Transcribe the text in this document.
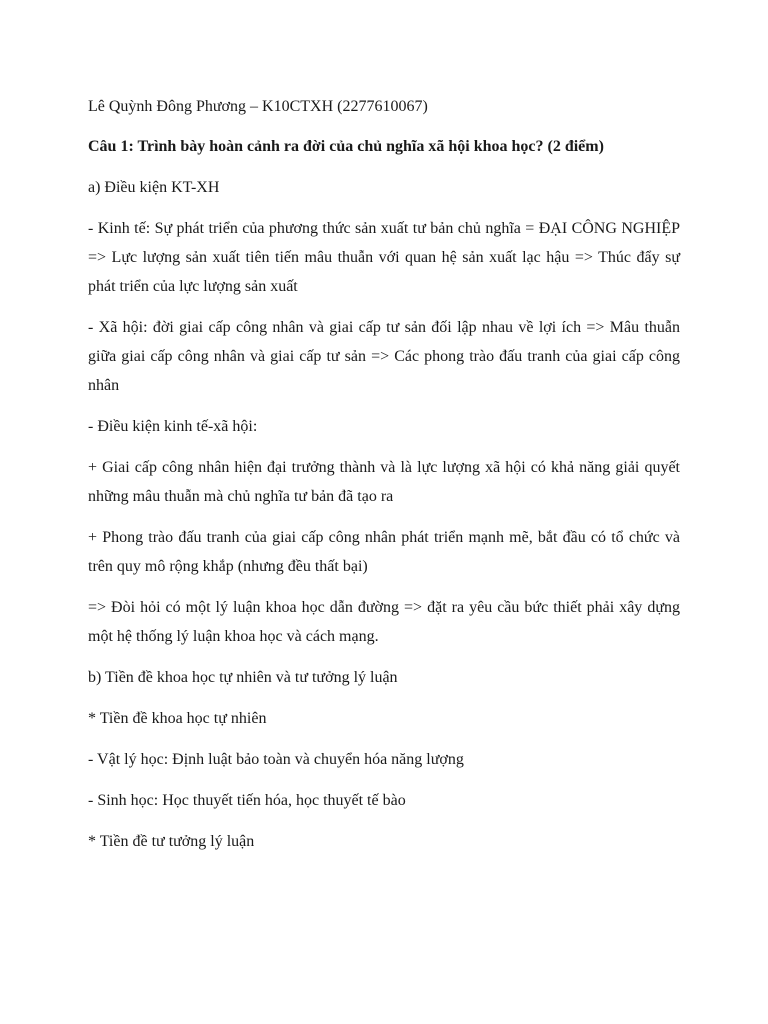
Lê Quỳnh Đông Phương – K10CTXH (2277610067)

Câu 1: Trình bày hoàn cảnh ra đời của chủ nghĩa xã hội khoa học? (2 điểm)

a) Điều kiện KT-XH

- Kinh tế: Sự phát triển của phương thức sản xuất tư bản chủ nghĩa = ĐẠI CÔNG NGHIỆP => Lực lượng sản xuất tiên tiến mâu thuẫn với quan hệ sản xuất lạc hậu => Thúc đẩy sự phát triển của lực lượng sản xuất

- Xã hội: đời giai cấp công nhân và giai cấp tư sản đối lập nhau về lợi ích => Mâu thuẫn giữa giai cấp công nhân và giai cấp tư sản => Các phong trào đấu tranh của giai cấp công nhân

- Điều kiện kinh tế-xã hội:

+ Giai cấp công nhân hiện đại trưởng thành và là lực lượng xã hội có khả năng giải quyết những mâu thuẫn mà chủ nghĩa tư bản đã tạo ra

+ Phong trào đấu tranh của giai cấp công nhân phát triển mạnh mẽ, bắt đầu có tổ chức và trên quy mô rộng khắp (nhưng đều thất bại)

=> Đòi hỏi có một lý luận khoa học dẫn đường => đặt ra yêu cầu bức thiết phải xây dựng một hệ thống lý luận khoa học và cách mạng.

b) Tiền đề khoa học tự nhiên và tư tưởng lý luận

* Tiền đề khoa học tự nhiên

- Vật lý học: Định luật bảo toàn và chuyển hóa năng lượng

- Sinh học: Học thuyết tiến hóa, học thuyết tế bào

* Tiền đề tư tưởng lý luận
